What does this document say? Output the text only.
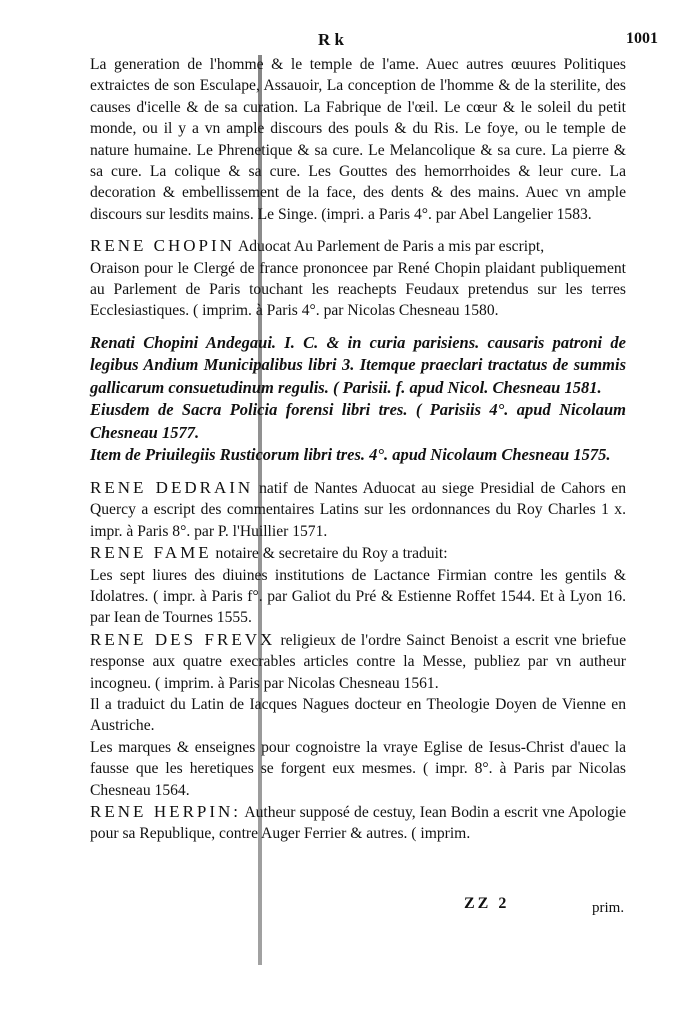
R k	1001

La generation de l'homme & le temple de l'ame. Auec autres œuures Politiques extraictes de son Esculape, Assauoir, La conception de l'homme & de la sterilite, des causes d'icelle & de sa curation. La Fabrique de l'œil. Le cœur & le soleil du petit monde, ou il y a vn ample discours des pouls & du Ris. Le foye, ou le temple de nature humaine. Le Phrenetique & sa cure. Le Melancolique & sa cure. La pierre & sa cure. La colique & sa cure. Les Gouttes des hemorrhoides & leur cure. La decoration & embellissement de la face, des dents & des mains. Auec vn ample discours sur lesdits mains. Le Singe. (impri. a Paris 4°. par Abel Langelier 1583.

RENE CHOPIN Aduocat Au Parlement de Paris a mis par escript,

Oraison pour le Clergé de france prononcee par René Chopin plaidant publiquement au Parlement de Paris touchant les reachepts Feudaux pretendus sur les terres Ecclesiastiques. ( imprim. à Paris 4°. par Nicolas Chesneau 1580.

Renati Chopini Andegaui. I. C. & in curia parisiens. causaris patroni de legibus Andium Municipalibus libri 3. Itemque praeclari tractatus de summis gallicarum consuetudinum regulis. ( Parisii. f. apud Nicol. Chesneau 1581.

Eiusdem de Sacra Policia forensi libri tres. ( Parisiis 4°. apud Nicolaum Chesneau 1577.

Item de Priuilegiis Rusticorum libri tres. 4°. apud Nicolaum Chesneau 1575.

RENE DEDRAIN natif de Nantes Aduocat au siege Presidial de Cahors en Quercy a escript des commentaires Latins sur les ordonnances du Roy Charles 1 x. impr. à Paris 8°. par P. l'Huillier 1571.

RENE FAME notaire & secretaire du Roy a traduit:

Les sept liures des diuines institutions de Lactance Firmian contre les gentils & Idolatres. ( impr. à Paris f°. par Galiot du Pré & Estienne Roffet 1544. Et à Lyon 16. par Iean de Tournes 1555.

RENE DES FREVX religieux de l'ordre Sainct Benoist a escrit vne briefue response aux quatre execrables articles contre la Messe, publiez par vn autheur incogneu. ( imprim. à Paris par Nicolas Chesneau 1561.

Il a traduict du Latin de Iacques Nagues docteur en Theologie Doyen de Vienne en Austriche.

Les marques & enseignes pour cognoistre la vraye Eglise de Iesus-Christ d'auec la fausse que les heretiques se forgent eux mesmes. ( impr. 8°. à Paris par Nicolas Chesneau 1564.

RENE HERPIN: Autheur supposé de cestuy, Iean Bodin a escrit vne Apologie pour sa Republique, contre Auger Ferrier & autres. ( imprim.

ZZ 2	prim.
